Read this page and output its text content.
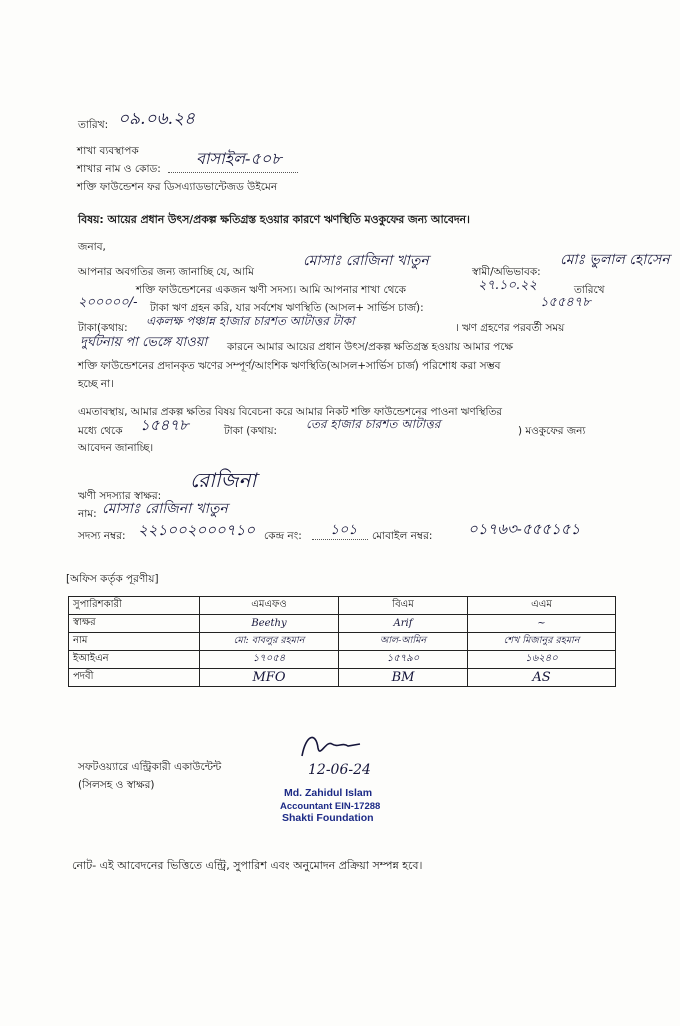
তারিখ: ০৯.০৬.২৪
শাখা ব্যবস্থাপক
শাখার নাম ও কোড:
বাসাইল-৫০৮
শক্তি ফাউন্ডেশন ফর ডিসএ্যাডভান্টেজড উইমেন
বিষয়: আয়ের প্রধান উৎস/প্রকল্প ক্ষতিগ্রস্ত হওয়ার কারণে ঋণস্থিতি মওকুফের জন্য আবেদন।
জনাব,
আপনার অবগতির জন্য জানাচ্ছি যে, আমি
মোসাঃ রোজিনা খাতুন
স্বামী/অভিভাবক:
মোঃ ভুলাল হোসেন
শক্তি ফাউন্ডেশনের একজন ঋণী সদস্য। আমি আপনার শাখা থেকে	২৭.১০.২২	তারিখে
২০০০০০/- টাকা ঋণ গ্রহন করি, যার সর্বশেষ ঋণস্থিতি (আসল+ সার্ভিস চার্জ):	১৫৫৪৭৮
টাকা(কথায়: একলক্ষ পঞ্চান্ন হাজার চারশত আটাত্তর টাকা	। ঋণ গ্রহণের পরবর্তী সময়
দুর্ঘটনায় পা ভেঙ্গে যাওয়া কারনে আমার আয়ের প্রধান উৎস/প্রকল্প ক্ষতিগ্রস্ত হওয়ায় আমার পক্ষে
শক্তি ফাউন্ডেশনের প্রদানকৃত ঋণের সম্পূর্ণ/আংশিক ঋণস্থিতি(আসল+সার্ভিস চার্জ) পরিশোধ করা সম্ভব
হচ্ছে না।
এমতাবস্থায়, আমার প্রকল্প ক্ষতির বিষয় বিবেচনা করে আমার নিকট শক্তি ফাউন্ডেশনের পাওনা ঋণস্থিতির
মধ্যে থেকে ১৫৪৭৮	টাকা (কথায়: তের হাজার চারশত আটাত্তর	) মওকুফের জন্য
আবেদন জানাচ্ছি।
ঋণী সদস্যার স্বাক্ষর:
রোজিনা
নাম: মোসাঃ রোজিনা খাতুন
সদস্য নম্বর: ২২১০০২০০০৭১০ কেন্দ্র নং: ১০১ মোবাইল নম্বর: ০১৭৬৩-৫৫৫১৫১
[অফিস কর্তৃক পূরণীয়]
সুপারিশকারী	এমএফও	বিএম	এএম
স্বাক্ষর	Beethy	Arif	~
নাম	মো: বাবলুর রহমান	আল-আমিন	শেখ মিজানুর রহমান
ইআইএন	১৭০৫৪	১৫৭৯০	১৬২৪০
পদবী	MFO	BM	AS
সফটওয়্যারে এন্ট্রিকারী একাউন্টেন্ট
(সিলসহ ও স্বাক্ষর)
12-06-24
Md. Zahidul Islam
Accountant EIN-17288
Shakti Foundation
নোট- এই আবেদনের ভিত্তিতে এন্ট্রি, সুপারিশ এবং অনুমোদন প্রক্রিয়া সম্পন্ন হবে।
